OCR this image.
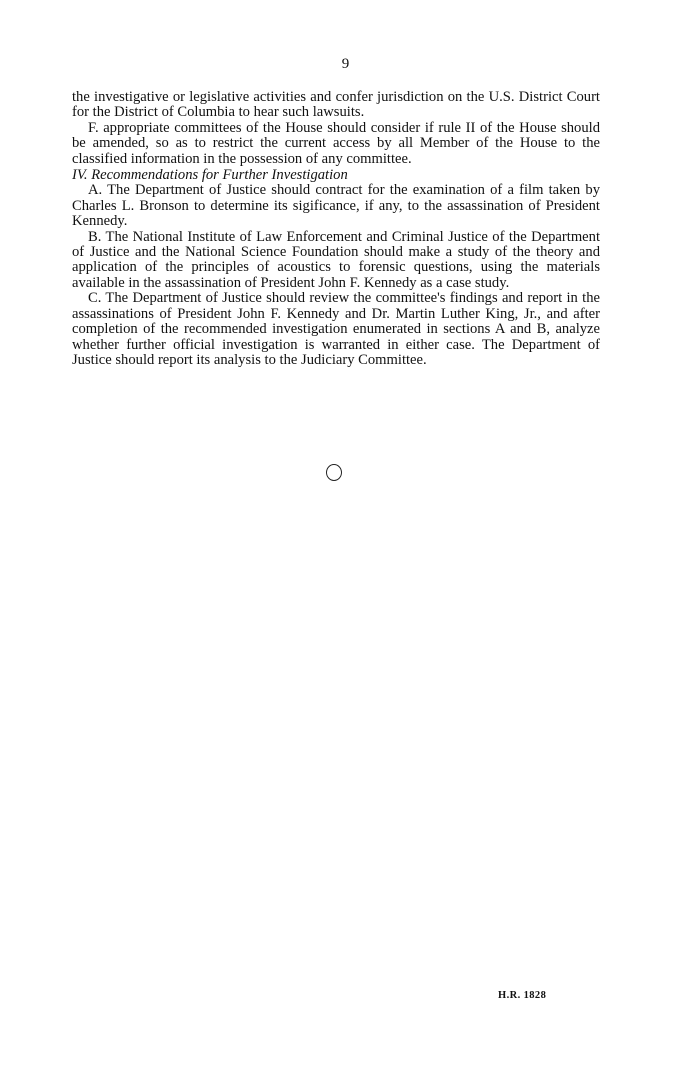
9

the investigative or legislative activities and confer jurisdiction on the U.S. District Court for the District of Columbia to hear such lawsuits.

F. appropriate committees of the House should consider if rule II of the House should be amended, so as to restrict the current access by all Member of the House to the classified information in the possession of any committee.

IV. Recommendations for Further Investigation

A. The Department of Justice should contract for the examination of a film taken by Charles L. Bronson to determine its sigificance, if any, to the assassination of President Kennedy.

B. The National Institute of Law Enforcement and Criminal Justice of the Department of Justice and the National Science Foundation should make a study of the theory and application of the principles of acoustics to forensic questions, using the materials available in the assassination of President John F. Kennedy as a case study.

C. The Department of Justice should review the committee's findings and report in the assassinations of President John F. Kennedy and Dr. Martin Luther King, Jr., and after completion of the recommended investigation enumerated in sections A and B, analyze whether further official investigation is warranted in either case. The Department of Justice should report its analysis to the Judiciary Committee.

H.R. 1828
